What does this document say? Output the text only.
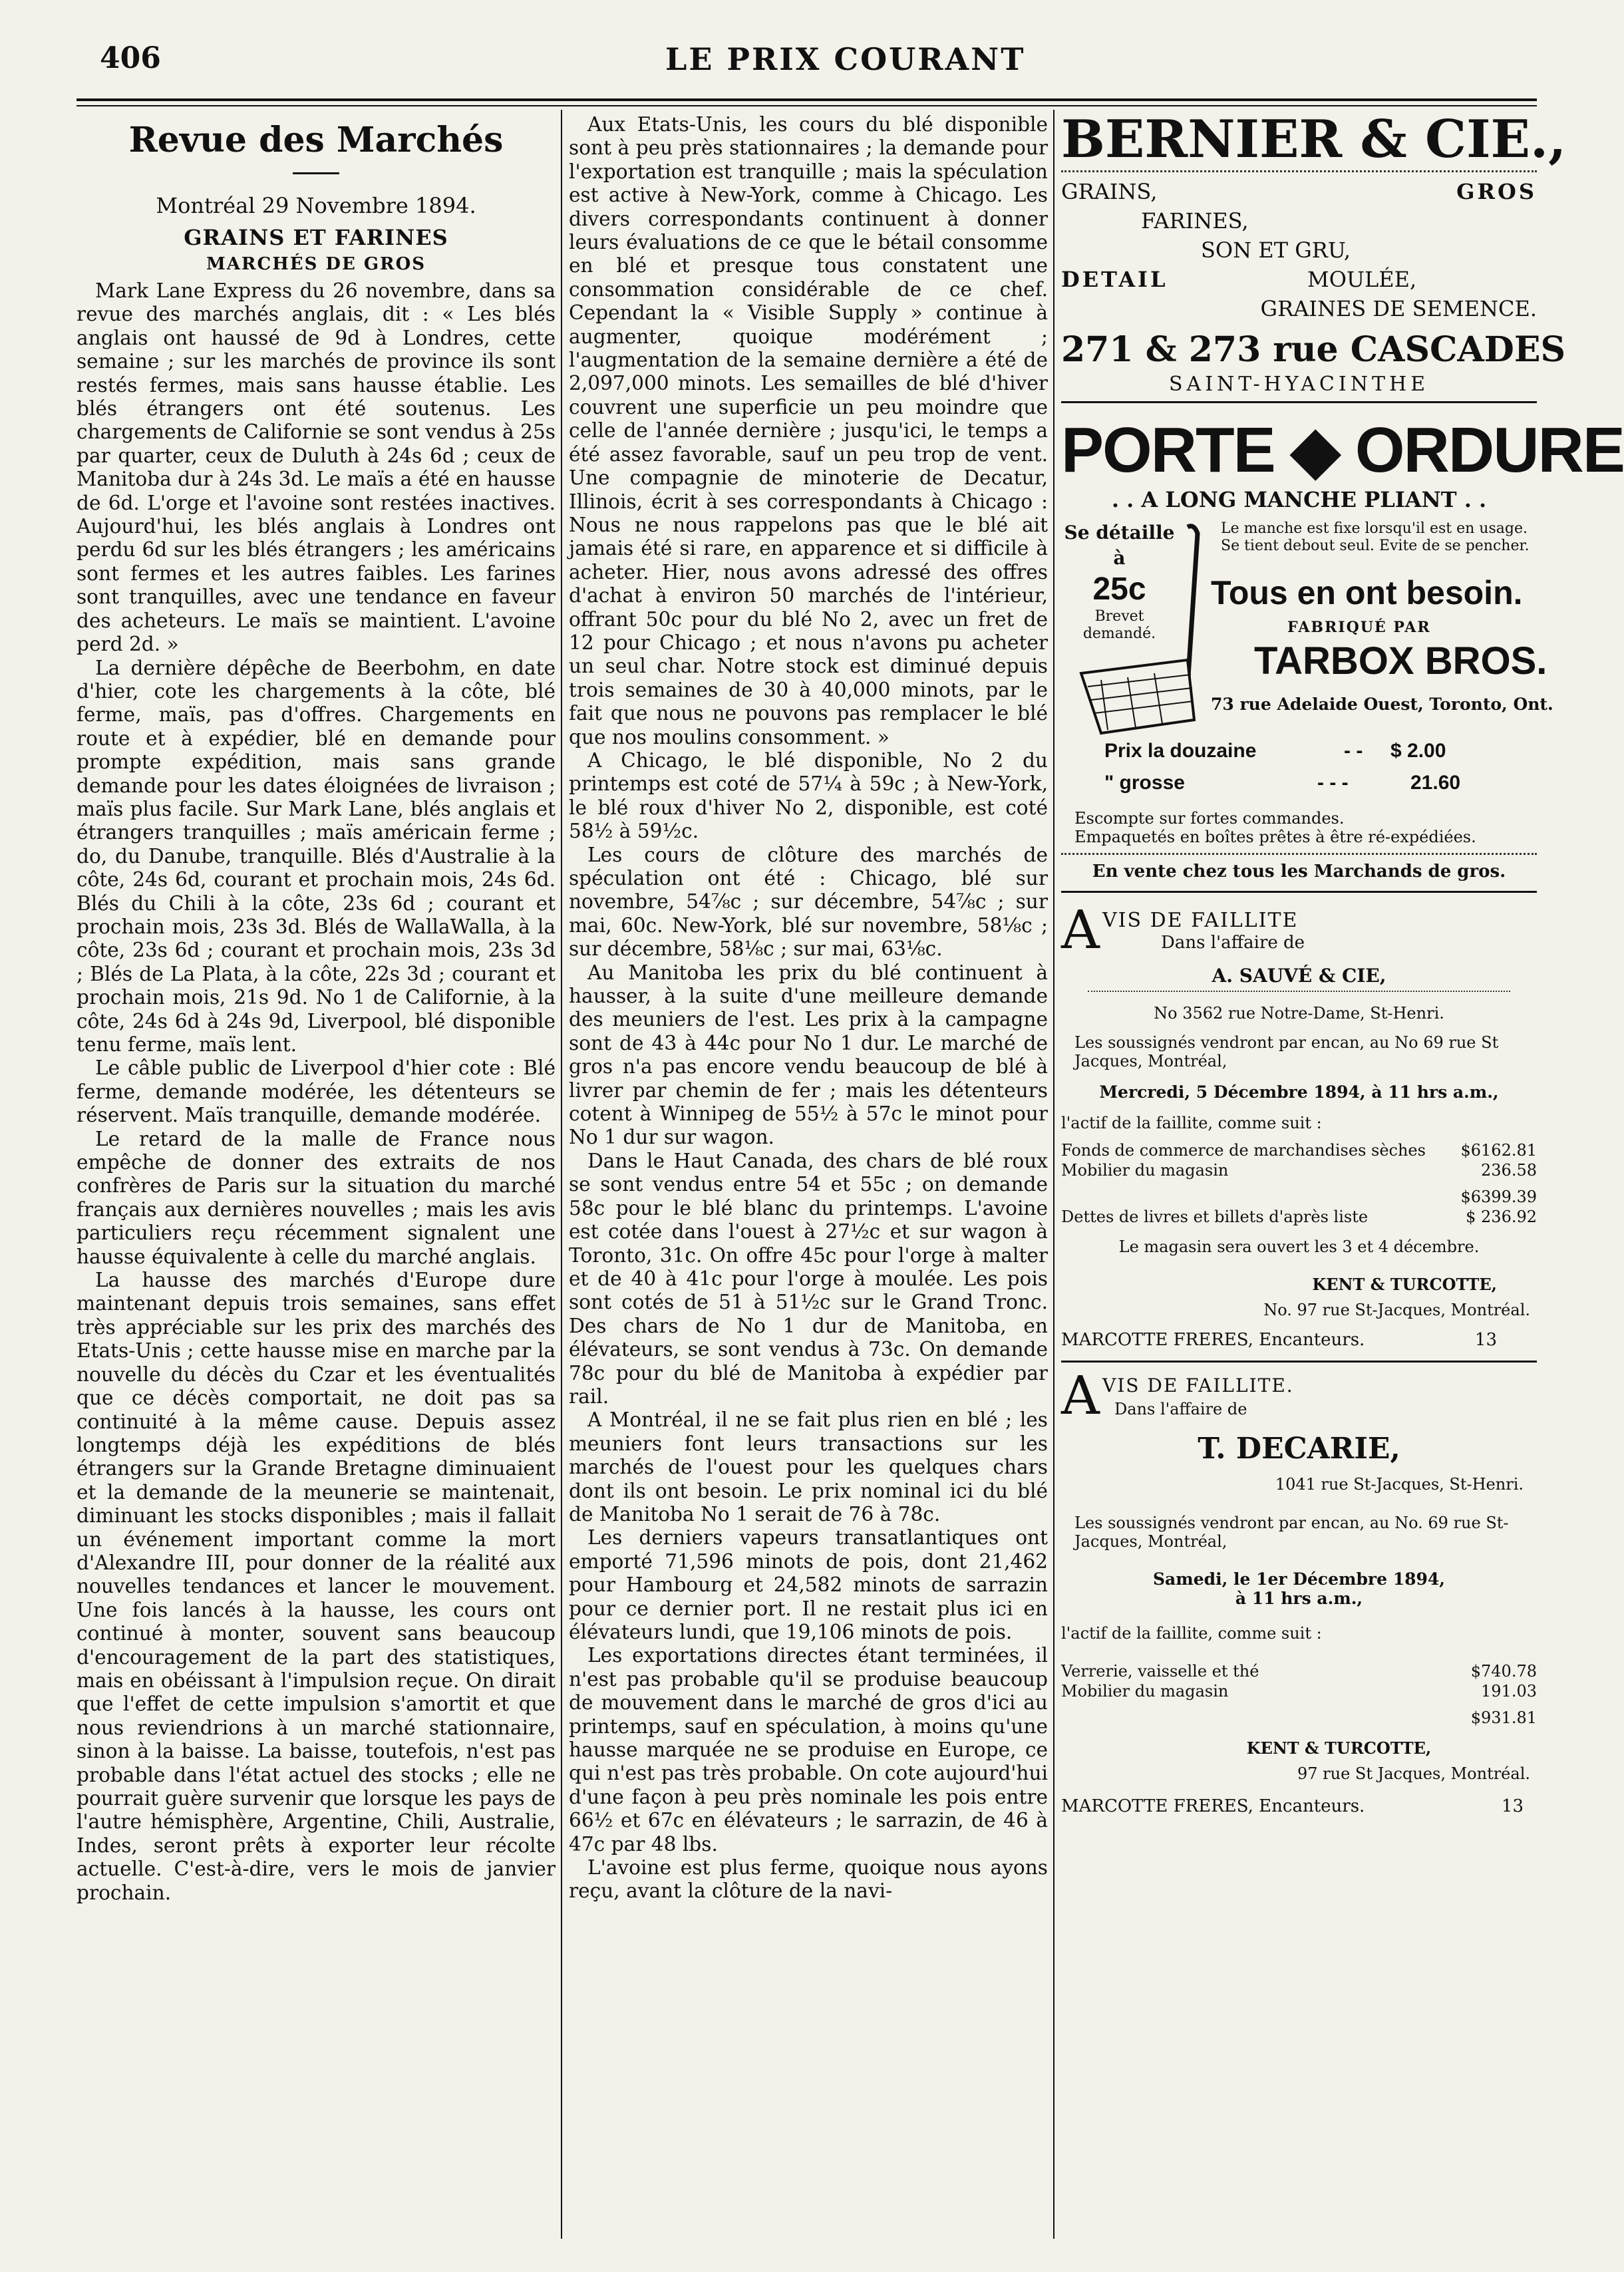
406	LE PRIX COURANT
Revue des Marchés
Montréal 29 Novembre 1894.
GRAINS ET FARINES
MARCHÉS DE GROS

Mark Lane Express du 26 novembre, dans sa revue des marchés anglais, dit : « Les blés anglais ont haussé de 9d à Londres, cette semaine ; sur les marchés de province ils sont restés fermes, mais sans hausse établie. Les blés étrangers ont été soutenus. Les chargements de Californie se sont vendus à 25s par quarter, ceux de Duluth à 24s 6d ; ceux de Manitoba dur à 24s 3d. Le maïs a été en hausse de 6d. L'orge et l'avoine sont restées inactives. Aujourd'hui, les blés anglais à Londres ont perdu 6d sur les blés étrangers ; les américains sont fermes et les autres faibles. Les farines sont tranquilles, avec une tendance en faveur des acheteurs. Le maïs se maintient. L'avoine perd 2d. »

La dernière dépêche de Beerbohm, en date d'hier, cote les chargements à la côte, blé ferme, maïs, pas d'offres. Chargements en route et à expédier, blé en demande pour prompte expédition, mais sans grande demande pour les dates éloignées de livraison ; maïs plus facile. Sur Mark Lane, blés anglais et étrangers tranquilles ; maïs américain ferme ; do, du Danube, tranquille. Blés d'Australie à la côte, 24s 6d, courant et prochain mois, 24s 6d. Blés du Chili à la côte, 23s 6d ; courant et prochain mois, 23s 3d. Blés de WallaWalla, à la côte, 23s 6d ; courant et prochain mois, 23s 3d ; Blés de La Plata, à la côte, 22s 3d ; courant et prochain mois, 21s 9d. No 1 de Californie, à la côte, 24s 6d à 24s 9d, Liverpool, blé disponible tenu ferme, maïs lent.

Le câble public de Liverpool d'hier cote : Blé ferme, demande modérée, les détenteurs se réservent. Maïs tranquille, demande modérée.

Le retard de la malle de France nous empêche de donner des extraits de nos confrères de Paris sur la situation du marché français aux dernières nouvelles ; mais les avis particuliers reçu récemment signalent une hausse équivalente à celle du marché anglais.

La hausse des marchés d'Europe dure maintenant depuis trois semaines, sans effet très appréciable sur les prix des marchés des Etats-Unis ; cette hausse mise en marche par la nouvelle du décès du Czar et les éventualités que ce décès comportait, ne doit pas sa continuité à la même cause. Depuis assez longtemps déjà les expéditions de blés étrangers sur la Grande Bretagne diminuaient et la demande de la meunerie se maintenait, diminuant les stocks disponibles ; mais il fallait un événement important comme la mort d'Alexandre III, pour donner de la réalité aux nouvelles tendances et lancer le mouvement. Une fois lancés à la hausse, les cours ont continué à monter, souvent sans beaucoup d'encouragement de la part des statistiques, mais en obéissant à l'impulsion reçue. On dirait que l'effet de cette impulsion s'amortit et que nous reviendrions à un marché stationnaire, sinon à la baisse. La baisse, toutefois, n'est pas probable dans l'état actuel des stocks ; elle ne pourrait guère survenir que lorsque les pays de l'autre hémisphère, Argentine, Chili, Australie, Indes, seront prêts à exporter leur récolte actuelle. C'est-à-dire, vers le mois de janvier prochain.

Aux Etats-Unis, les cours du blé disponible sont à peu près stationnaires ; la demande pour l'exportation est tranquille ; mais la spéculation est active à New-York, comme à Chicago. Les divers correspondants continuent à donner leurs évaluations de ce que le bétail consomme en blé et presque tous constatent une consommation considérable de ce chef. Cependant la « Visible Supply » continue à augmenter, quoique modérément ; l'augmentation de la semaine dernière a été de 2,097,000 minots. Les semailles de blé d'hiver couvrent une superficie un peu moindre que celle de l'année dernière ; jusqu'ici, le temps a été assez favorable, sauf un peu trop de vent. Une compagnie de minoterie de Decatur, Illinois, écrit à ses correspondants à Chicago : Nous ne nous rappelons pas que le blé ait jamais été si rare, en apparence et si difficile à acheter. Hier, nous avons adressé des offres d'achat à environ 50 marchés de l'intérieur, offrant 50c pour du blé No 2, avec un fret de 12 pour Chicago ; et nous n'avons pu acheter un seul char. Notre stock est diminué depuis trois semaines de 30 à 40,000 minots, par le fait que nous ne pouvons pas remplacer le blé que nos moulins consomment. »

A Chicago, le blé disponible, No 2 du printemps est coté de 57¼ à 59c ; à New-York, le blé roux d'hiver No 2, disponible, est coté 58½ à 59½c.

Les cours de clôture des marchés de spéculation ont été : Chicago, blé sur novembre, 54⅞c ; sur décembre, 54⅞c ; sur mai, 60c. New-York, blé sur novembre, 58⅛c ; sur décembre, 58⅛c ; sur mai, 63⅛c.

Au Manitoba les prix du blé continuent à hausser, à la suite d'une meilleure demande des meuniers de l'est. Les prix à la campagne sont de 43 à 44c pour No 1 dur. Le marché de gros n'a pas encore vendu beaucoup de blé à livrer par chemin de fer ; mais les détenteurs cotent à Winnipeg de 55½ à 57c le minot pour No 1 dur sur wagon.

Dans le Haut Canada, des chars de blé roux se sont vendus entre 54 et 55c ; on demande 58c pour le blé blanc du printemps. L'avoine est cotée dans l'ouest à 27½c et sur wagon à Toronto, 31c. On offre 45c pour l'orge à malter et de 40 à 41c pour l'orge à moulée. Les pois sont cotés de 51 à 51½c sur le Grand Tronc. Des chars de No 1 dur de Manitoba, en élévateurs, se sont vendus à 73c. On demande 78c pour du blé de Manitoba à expédier par rail.

A Montréal, il ne se fait plus rien en blé ; les meuniers font leurs transactions sur les marchés de l'ouest pour les quelques chars dont ils ont besoin. Le prix nominal ici du blé de Manitoba No 1 serait de 76 à 78c.

Les derniers vapeurs transatlantiques ont emporté 71,596 minots de pois, dont 21,462 pour Hambourg et 24,582 minots de sarrazin pour ce dernier port. Il ne restait plus ici en élévateurs lundi, que 19,106 minots de pois.

Les exportations directes étant terminées, il n'est pas probable qu'il se produise beaucoup de mouvement dans le marché de gros d'ici au printemps, sauf en spéculation, à moins qu'une hausse marquée ne se produise en Europe, ce qui n'est pas très probable. On cote aujourd'hui d'une façon à peu près nominale les pois entre 66½ et 67c en élévateurs ; le sarrazin, de 46 à 47c par 48 lbs.

L'avoine est plus ferme, quoique nous ayons reçu, avant la clôture de la navi-

BERNIER & CIE.,
GRAINS,	GROS
FARINES,
SON ET GRU,
DETAIL	MOULÉE,
GRAINES DE SEMENCE.
271 & 273 rue CASCADES
SAINT-HYACINTHE
PORTE ◆ ORDURE
. . A LONG MANCHE PLIANT . .
Se détaille
à
25c
Brevet demandé.
Le manche est fixe lorsqu'il est en usage. Se tient debout seul. Evite de se pencher.
Tous en ont besoin.
FABRIQUÉ PAR
TARBOX BROS.
73 rue Adelaide Ouest, Toronto, Ont.
Prix la douzaine	- - $ 2.00
" grosse	- - -	21.60
Escompte sur fortes commandes.
Empaquetés en boîtes prêtes à être ré-expédiées.
En vente chez tous les Marchands de gros.
A VIS DE FAILLITE
Dans l'affaire de
A. SAUVÉ & CIE,
No 3562 rue Notre-Dame, St-Henri.
Les soussignés vendront par encan, au No 69 rue St Jacques, Montréal,
Mercredi, 5 Décembre 1894, à 11 hrs a.m.,
l'actif de la faillite, comme suit :
Fonds de commerce de marchandises sèches $6162.81
Mobilier du magasin	236.58
$6399.39
Dettes de livres et billets d'après liste	$ 236.92
Le magasin sera ouvert les 3 et 4 décembre.
KENT & TURCOTTE,
No. 97 rue St-Jacques, Montréal.
MARCOTTE FRERES, Encanteurs.	13
A VIS DE FAILLITE.
Dans l'affaire de
T. DECARIE,
1041 rue St-Jacques, St-Henri.
Les soussignés vendront par encan, au No. 69 rue St-Jacques, Montréal,
Samedi, le 1er Décembre 1894,
à 11 hrs a.m.,
l'actif de la faillite, comme suit :
Verrerie, vaisselle et thé	$740.78
Mobilier du magasin	191.03
$931.81
KENT & TURCOTTE,
97 rue St Jacques, Montréal.
MARCOTTE FRERES, Encanteurs.	13
